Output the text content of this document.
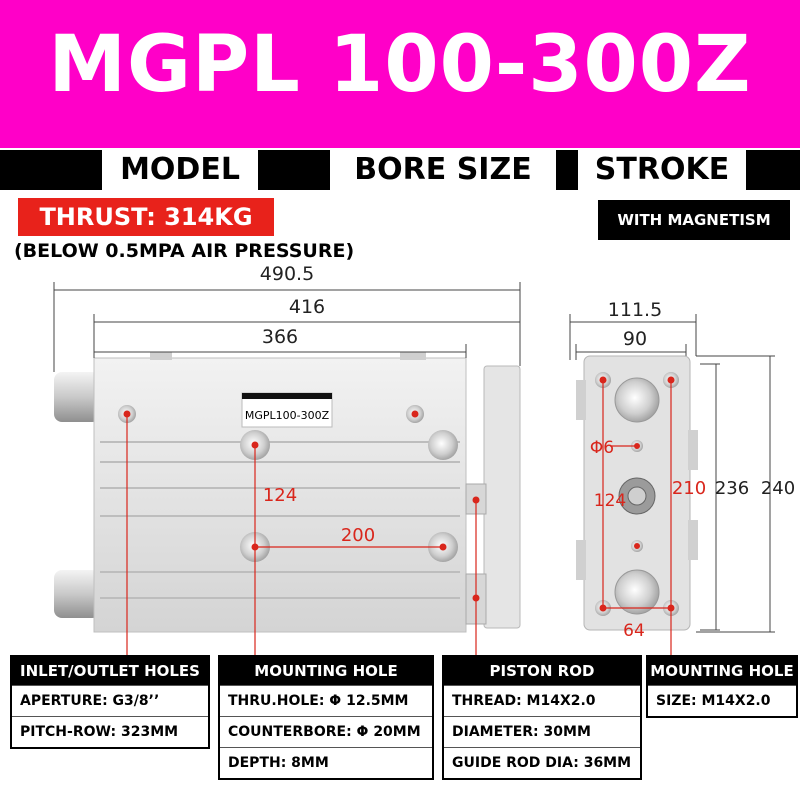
MGPL 100-300Z
MODEL	BORE SIZE	STROKE
THRUST: 314KG	WITH MAGNETISM
(BELOW 0.5MPA AIR PRESSURE)
MGPL100-300Z
124
200
490.5
416
366
111.5
90
Φ6
124
210 236 240
64
INLET/OUTLET HOLES
APERTURE: G3/8’’
PITCH-ROW: 323MM
MOUNTING HOLE
THRU.HOLE: Φ 12.5MM
COUNTERBORE: Φ 20MM
DEPTH: 8MM
PISTON ROD
THREAD: M14X2.0
DIAMETER: 30MM
GUIDE ROD DIA: 36MM
MOUNTING HOLE
SIZE: M14X2.0
